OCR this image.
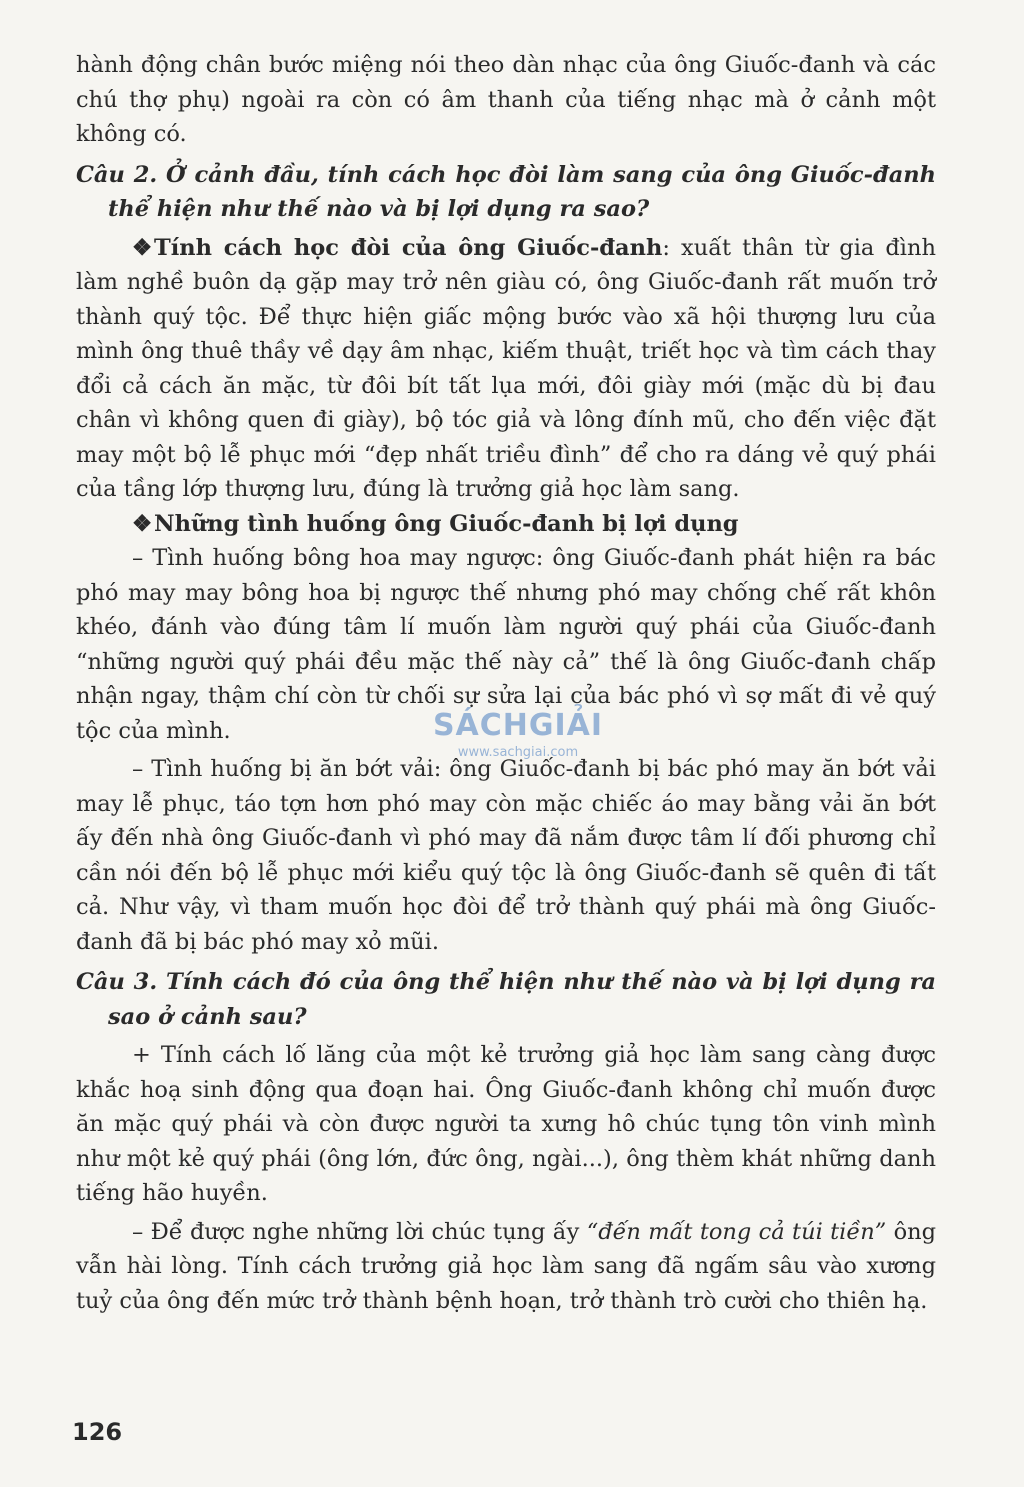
hành động chân bước miệng nói theo dàn nhạc của ông Giuốc-đanh và các chú thợ phụ) ngoài ra còn có âm thanh của tiếng nhạc mà ở cảnh một không có.

Câu 2. Ở cảnh đầu, tính cách học đòi làm sang của ông Giuốc-đanh thể hiện như thế nào và bị lợi dụng ra sao?

❖Tính cách học đòi của ông Giuốc-đanh: xuất thân từ gia đình làm nghề buôn dạ gặp may trở nên giàu có, ông Giuốc-đanh rất muốn trở thành quý tộc. Để thực hiện giấc mộng bước vào xã hội thượng lưu của mình ông thuê thầy về dạy âm nhạc, kiếm thuật, triết học và tìm cách thay đổi cả cách ăn mặc, từ đôi bít tất lụa mới, đôi giày mới (mặc dù bị đau chân vì không quen đi giày), bộ tóc giả và lông đính mũ, cho đến việc đặt may một bộ lễ phục mới “đẹp nhất triều đình” để cho ra dáng vẻ quý phái của tầng lớp thượng lưu, đúng là trưởng giả học làm sang.

❖Những tình huống ông Giuốc-đanh bị lợi dụng

– Tình huống bông hoa may ngược: ông Giuốc-đanh phát hiện ra bác phó may may bông hoa bị ngược thế nhưng phó may chống chế rất khôn khéo, đánh vào đúng tâm lí muốn làm người quý phái của Giuốc-đanh “những người quý phái đều mặc thế này cả” thế là ông Giuốc-đanh chấp nhận ngay, thậm chí còn từ chối sự sửa lại của bác phó vì sợ mất đi vẻ quý tộc của mình.

– Tình huống bị ăn bớt vải: ông Giuốc-đanh bị bác phó may ăn bớt vải may lễ phục, táo tợn hơn phó may còn mặc chiếc áo may bằng vải ăn bớt ấy đến nhà ông Giuốc-đanh vì phó may đã nắm được tâm lí đối phương chỉ cần nói đến bộ lễ phục mới kiểu quý tộc là ông Giuốc-đanh sẽ quên đi tất cả. Như vậy, vì tham muốn học đòi để trở thành quý phái mà ông Giuốc-đanh đã bị bác phó may xỏ mũi.

Câu 3. Tính cách đó của ông thể hiện như thế nào và bị lợi dụng ra sao ở cảnh sau?

+ Tính cách lố lăng của một kẻ trưởng giả học làm sang càng được khắc hoạ sinh động qua đoạn hai. Ông Giuốc-đanh không chỉ muốn được ăn mặc quý phái và còn được người ta xưng hô chúc tụng tôn vinh mình như một kẻ quý phái (ông lớn, đức ông, ngài...), ông thèm khát những danh tiếng hão huyền.

– Để được nghe những lời chúc tụng ấy “đến mất tong cả túi tiền” ông vẫn hài lòng. Tính cách trưởng giả học làm sang đã ngấm sâu vào xương tuỷ của ông đến mức trở thành bệnh hoạn, trở thành trò cười cho thiên hạ.

SÁCHGIẢI
www.sachgiai.com
126
